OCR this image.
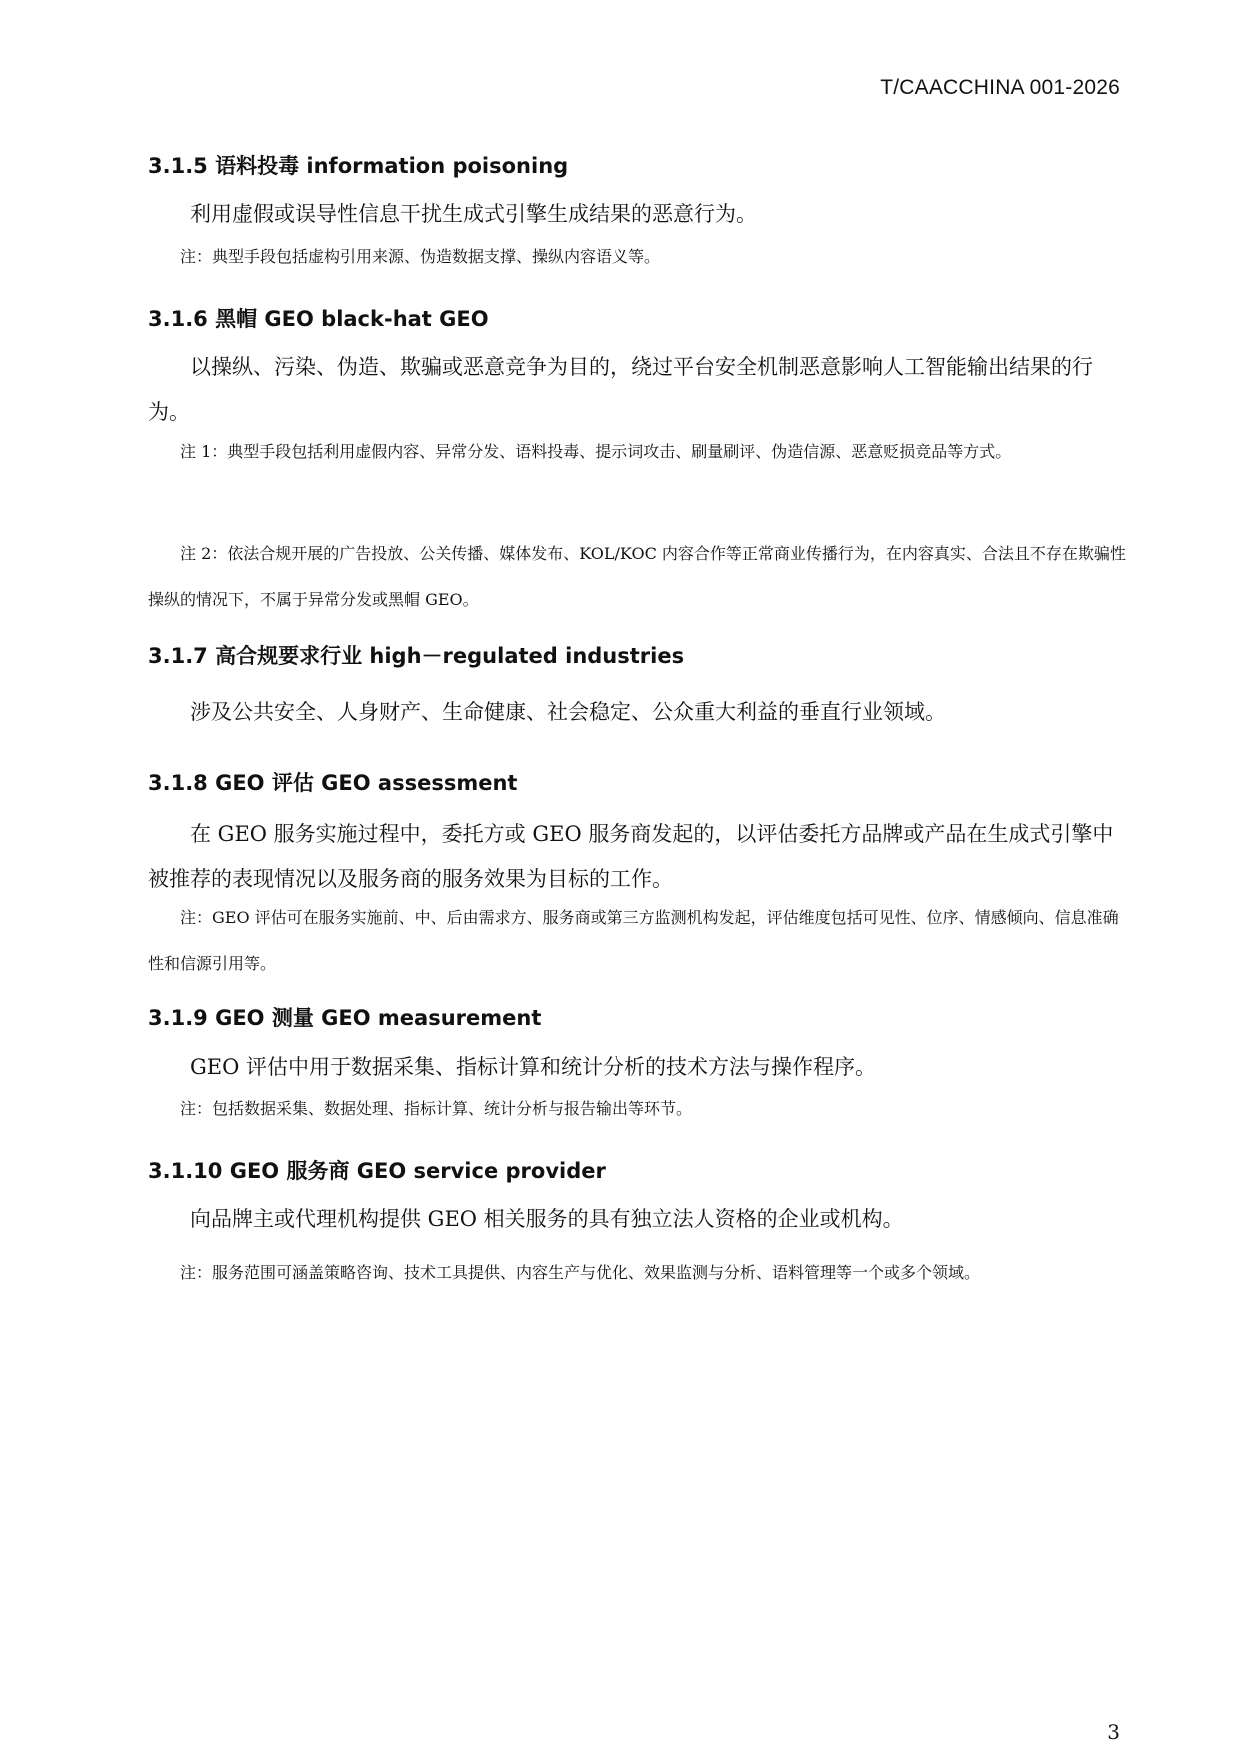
T/CAACCHINA 001-2026
3.1.5 语料投毒 information poisoning
利用虚假或误导性信息干扰生成式引擎生成结果的恶意行为。
注：典型手段包括虚构引用来源、伪造数据支撑、操纵内容语义等。
3.1.6 黑帽 GEO black-hat GEO
以操纵、污染、伪造、欺骗或恶意竞争为目的，绕过平台安全机制恶意影响人工智能输出结果的行为。
注 1：典型手段包括利用虚假内容、异常分发、语料投毒、提示词攻击、刷量刷评、伪造信源、恶意贬损竞品等方式。
注 2：依法合规开展的广告投放、公关传播、媒体发布、KOL/KOC 内容合作等正常商业传播行为，在内容真实、合法且不存在欺骗性操纵的情况下，不属于异常分发或黑帽 GEO。
3.1.7 高合规要求行业 high－regulated industries
涉及公共安全、人身财产、生命健康、社会稳定、公众重大利益的垂直行业领域。
3.1.8 GEO 评估 GEO assessment
在 GEO 服务实施过程中，委托方或 GEO 服务商发起的，以评估委托方品牌或产品在生成式引擎中被推荐的表现情况以及服务商的服务效果为目标的工作。
注：GEO 评估可在服务实施前、中、后由需求方、服务商或第三方监测机构发起，评估维度包括可见性、位序、情感倾向、信息准确性和信源引用等。
3.1.9 GEO 测量 GEO measurement
GEO 评估中用于数据采集、指标计算和统计分析的技术方法与操作程序。
注：包括数据采集、数据处理、指标计算、统计分析与报告输出等环节。
3.1.10 GEO 服务商 GEO service provider
向品牌主或代理机构提供 GEO 相关服务的具有独立法人资格的企业或机构。
注：服务范围可涵盖策略咨询、技术工具提供、内容生产与优化、效果监测与分析、语料管理等一个或多个领域。
3
